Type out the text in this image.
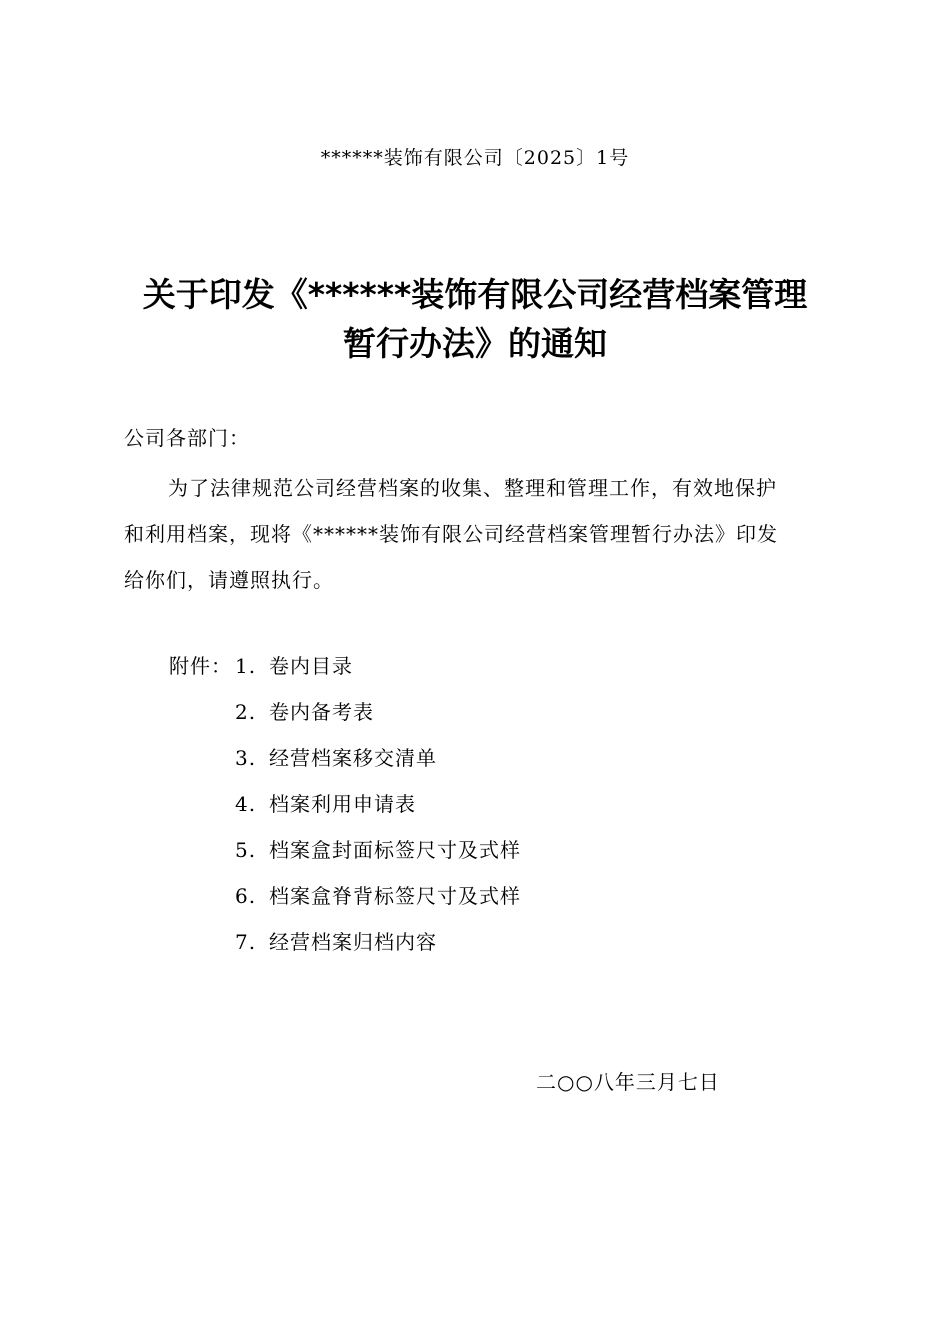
******装饰有限公司〔2025〕1号
关于印发《******装饰有限公司经营档案管理
暂行办法》的通知
公司各部门：
为了法律规范公司经营档案的收集、整理和管理工作，有效地保护
和利用档案，现将《******装饰有限公司经营档案管理暂行办法》印发
给你们，请遵照执行。
附件： 1. 卷内目录
2. 卷内备考表
3. 经营档案移交清单
4. 档案利用申请表
5. 档案盒封面标签尺寸及式样
6. 档案盒脊背标签尺寸及式样
7. 经营档案归档内容
二○○八年三月七日
